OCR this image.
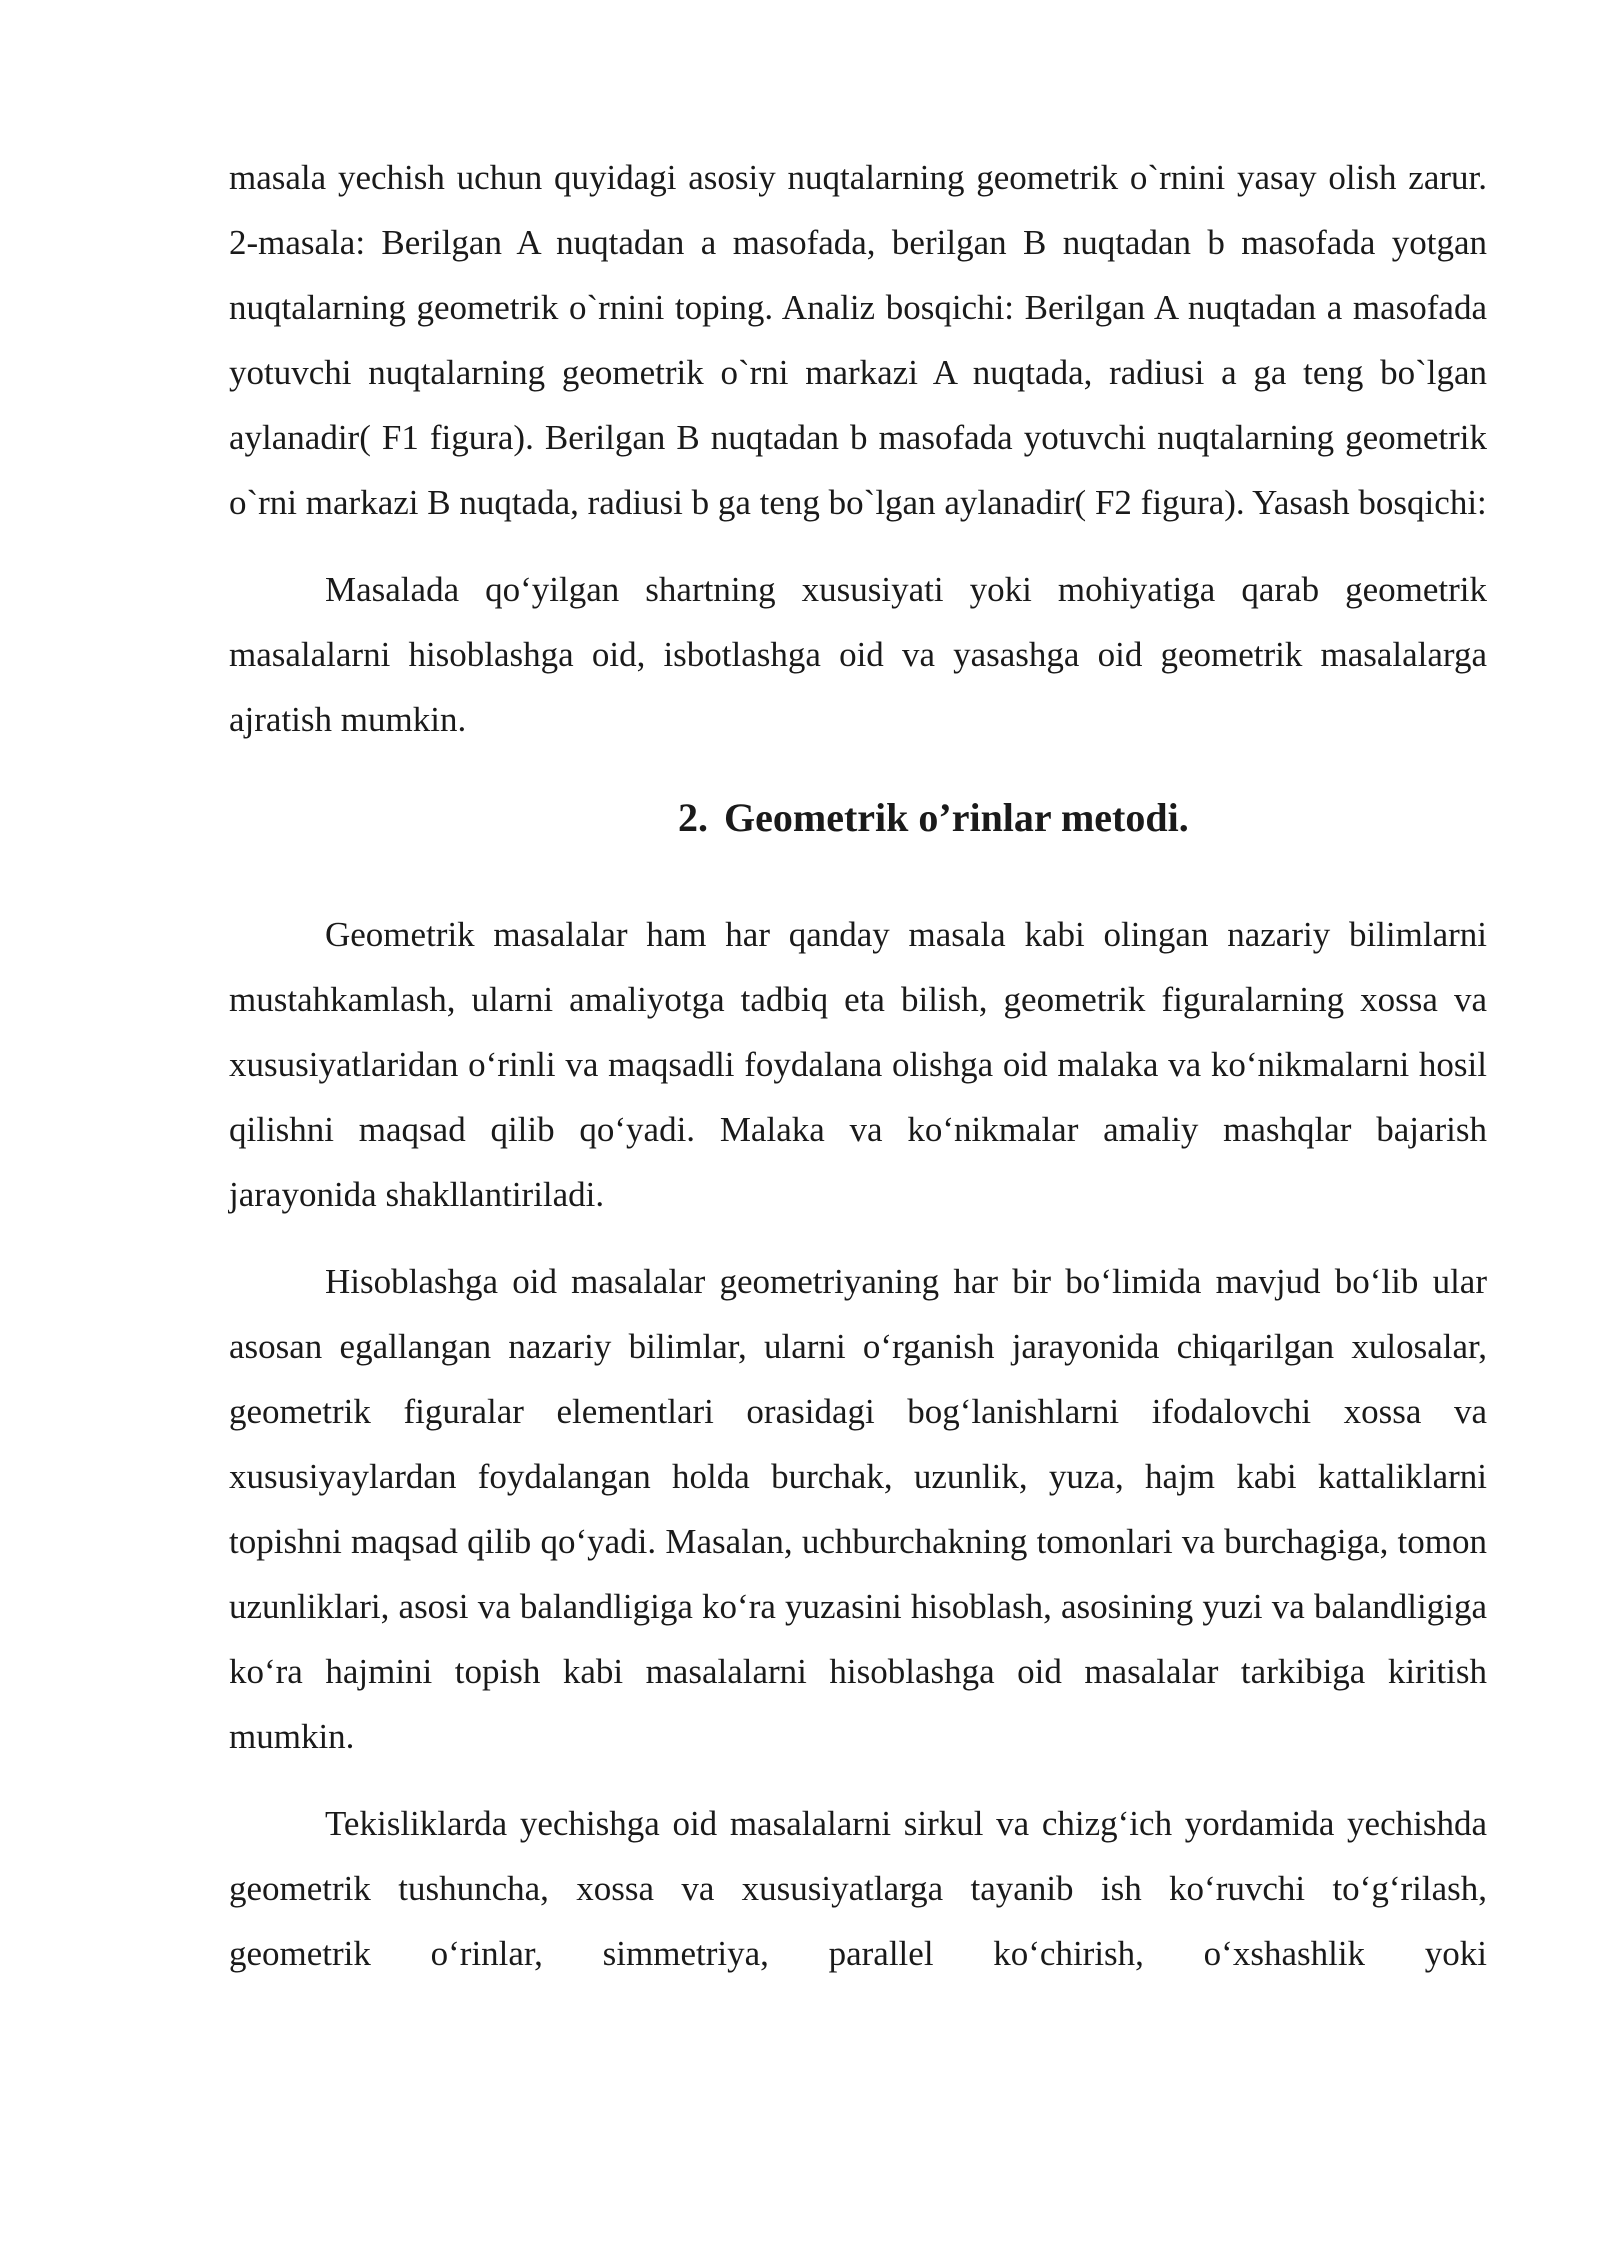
masala yechish uchun quyidagi asosiy nuqtalarning geometrik o`rnini yasay olish zarur. 2-masala: Berilgan A nuqtadan a masofada, berilgan B nuqtadan b masofada yotgan nuqtalarning geometrik o`rnini toping. Analiz bosqichi: Berilgan A nuqtadan a masofada yotuvchi nuqtalarning geometrik o`rni markazi A nuqtada, radiusi a ga teng bo`lgan aylanadir( F1 figura). Berilgan B nuqtadan b masofada yotuvchi nuqtalarning geometrik o`rni markazi B nuqtada, radiusi b ga teng bo`lgan aylanadir( F2 figura). Yasash bosqichi:

Masalada qo‘yilgan shartning xususiyati yoki mohiyatiga qarab geometrik masalalarni hisoblashga oid, isbotlashga oid va yasashga oid geometrik masalalarga ajratish mumkin.

2. Geometrik o’rinlar metodi.

Geometrik masalalar ham har qanday masala kabi olingan nazariy bilimlarni mustahkamlash, ularni amaliyotga tadbiq eta bilish, geometrik figuralarning xossa va xususiyatlaridan o‘rinli va maqsadli foydalana olishga oid malaka va ko‘nikmalarni hosil qilishni maqsad qilib qo‘yadi. Malaka va ko‘nikmalar amaliy mashqlar bajarish jarayonida shakllantiriladi.

Hisoblashga oid masalalar geometriyaning har bir bo‘limida mavjud bo‘lib ular asosan egallangan nazariy bilimlar, ularni o‘rganish jarayonida chiqarilgan xulosalar, geometrik figuralar elementlari orasidagi bog‘lanishlarni ifodalovchi xossa va xususiyaylardan foydalangan holda burchak, uzunlik, yuza, hajm kabi kattaliklarni topishni maqsad qilib qo‘yadi. Masalan, uchburchakning tomonlari va burchagiga, tomon uzunliklari, asosi va balandligiga ko‘ra yuzasini hisoblash, asosining yuzi va balandligiga ko‘ra hajmini topish kabi masalalarni hisoblashga oid masalalar tarkibiga kiritish mumkin.

Tekisliklarda yechishga oid masalalarni sirkul va chizg‘ich yordamida yechishda geometrik tushuncha, xossa va xususiyatlarga tayanib ish ko‘ruvchi to‘g‘rilash, geometrik o‘rinlar, simmetriya, parallel ko‘chirish, o‘xshashlik yoki
